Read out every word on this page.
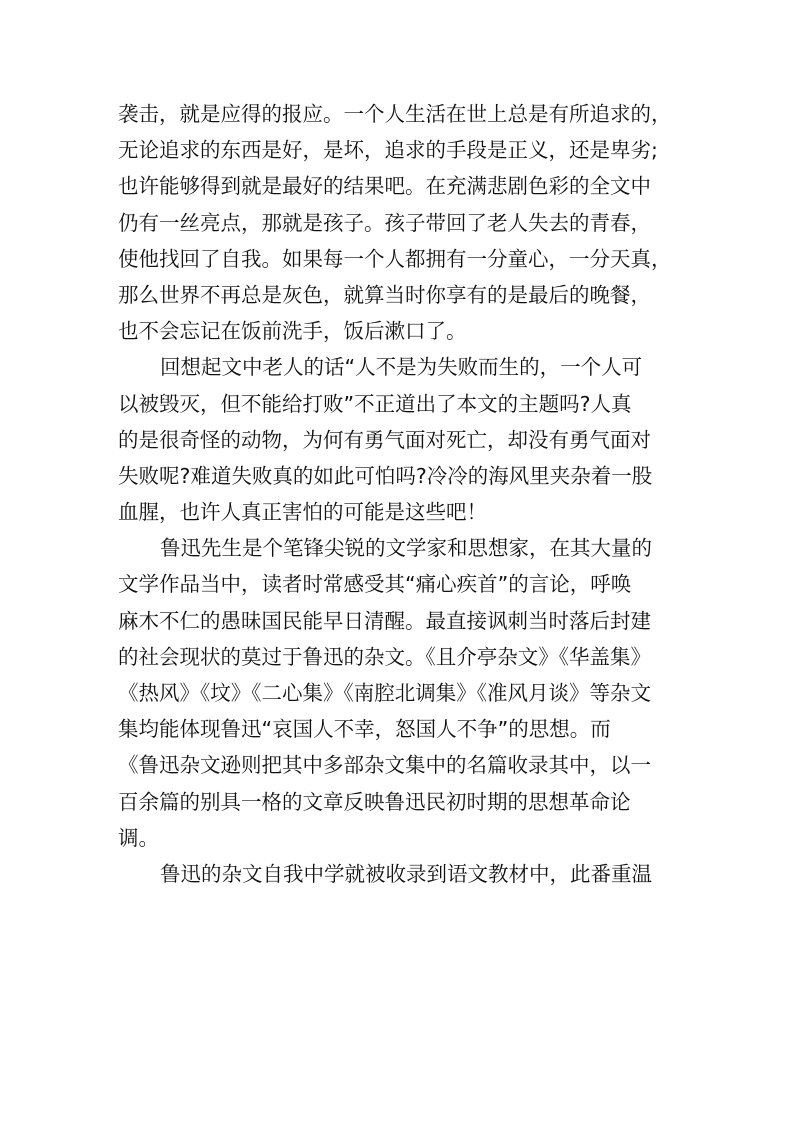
袭击，就是应得的报应。一个人生活在世上总是有所追求的，
无论追求的东西是好，是坏，追求的手段是正义，还是卑劣;
也许能够得到就是最好的结果吧。在充满悲剧色彩的全文中
仍有一丝亮点，那就是孩子。孩子带回了老人失去的青春，
使他找回了自我。如果每一个人都拥有一分童心，一分天真，
那么世界不再总是灰色，就算当时你享有的是最后的晚餐，
也不会忘记在饭前洗手，饭后漱口了。
回想起文中老人的话“人不是为失败而生的，一个人可
以被毁灭，但不能给打败”不正道出了本文的主题吗?人真
的是很奇怪的动物，为何有勇气面对死亡，却没有勇气面对
失败呢?难道失败真的如此可怕吗?冷冷的海风里夹杂着一股
血腥，也许人真正害怕的可能是这些吧！
鲁迅先生是个笔锋尖锐的文学家和思想家，在其大量的
文学作品当中，读者时常感受其“痛心疾首”的言论，呼唤
麻木不仁的愚昧国民能早日清醒。最直接讽刺当时落后封建
的社会现状的莫过于鲁迅的杂文。《且介亭杂文》《华盖集》
《热风》《坟》《二心集》《南腔北调集》《准风月谈》等杂文
集均能体现鲁迅“哀国人不幸，怒国人不争”的思想。而
《鲁迅杂文逊则把其中多部杂文集中的名篇收录其中，以一
百余篇的别具一格的文章反映鲁迅民初时期的思想革命论
调。
鲁迅的杂文自我中学就被收录到语文教材中，此番重温
